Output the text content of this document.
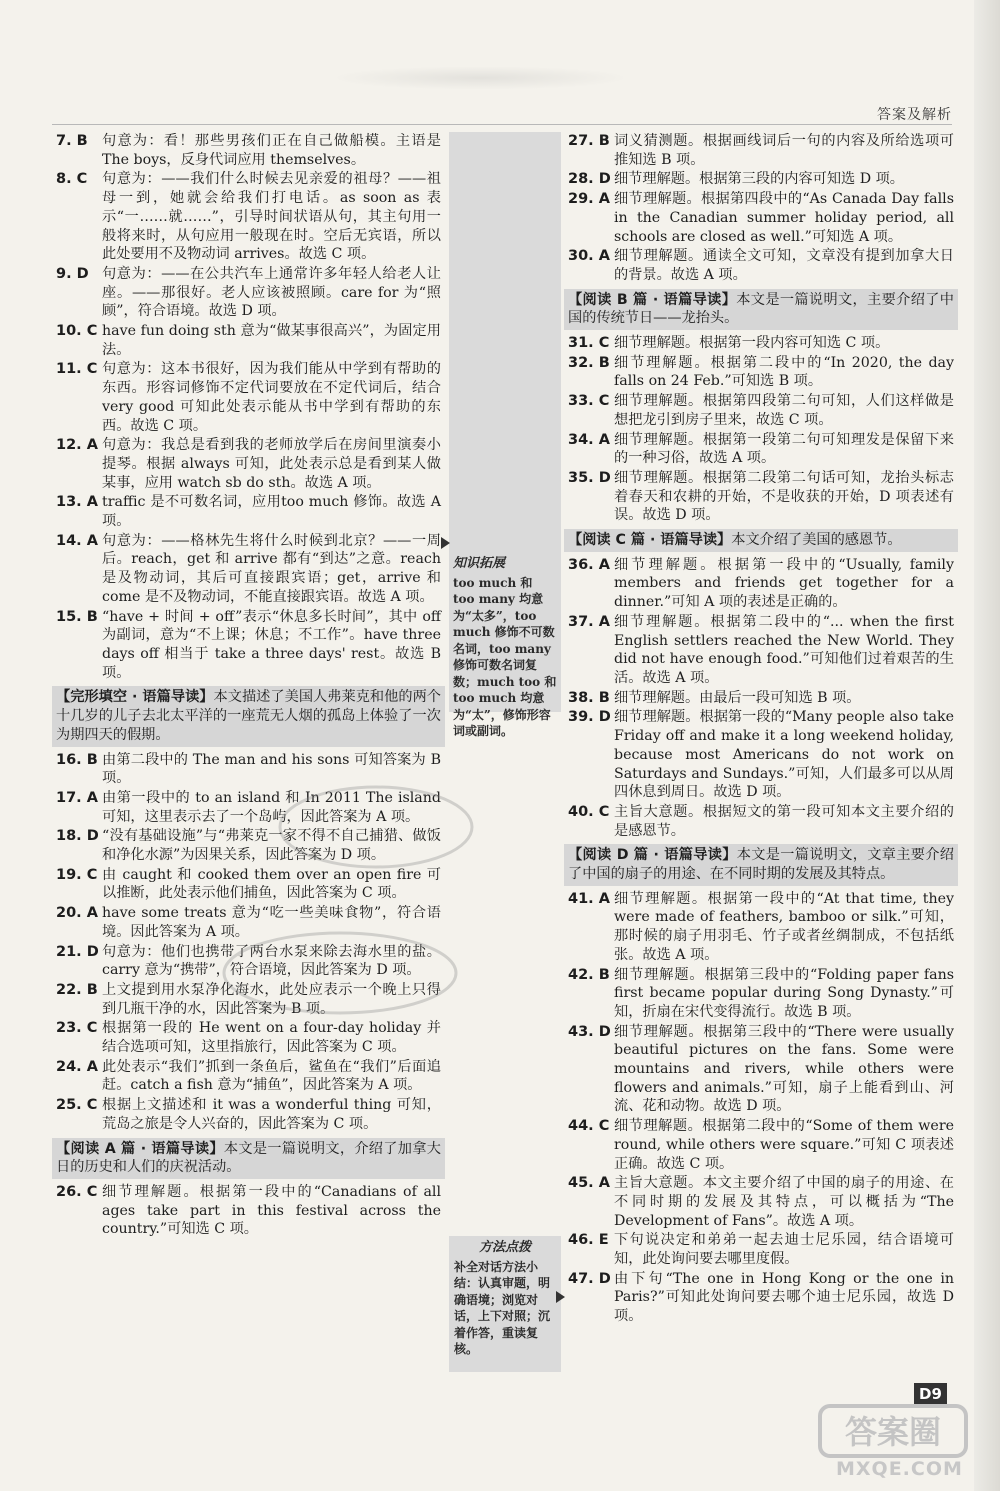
答案及解析
7. B	句意为：看！那些男孩们正在自己做船模。主语是 The boys，反身代词应用 themselves。
8. C	句意为：——我们什么时候去见亲爱的祖母？——祖母一到，她就会给我们打电话。as soon as 表示“一……就……”，引导时间状语从句，其主句用一般将来时，从句应用一般现在时。空后无宾语，所以此处要用不及物动词 arrives。故选 C 项。
9. D 句意为：——在公共汽车上通常许多年轻人给老人让座。——那很好。老人应该被照顾。care for 为“照顾”，符合语境。故选 D 项。
10. C have fun doing sth 意为“做某事很高兴”，为固定用法。
11. C 句意为：这本书很好，因为我们能从中学到有帮助的东西。形容词修饰不定代词要放在不定代词后，结合 very good 可知此处表示能从书中学到有帮助的东西。故选 C 项。
12. A 句意为：我总是看到我的老师放学后在房间里演奏小提琴。根据 always 可知，此处表示总是看到某人做某事，应用 watch sb do sth。故选 A 项。
13. A traffic 是不可数名词，应用too much 修饰。故选 A 项。
14. A 句意为：——格林先生将什么时候到北京？——一周后。reach，get 和 arrive 都有“到达”之意。reach 是及物动词，其后可直接跟宾语；get，arrive 和 come 是不及物动词，不能直接跟宾语。故选 A 项。
15. B “have + 时间 + off”表示“休息多长时间”，其中 off 为副词，意为“不上课；休息；不工作”。have three days off 相当于 take a three days' rest。故选 B 项。
【完形填空 · 语篇导读】本文描述了美国人弗莱克和他的两个十几岁的儿子去北太平洋的一座荒无人烟的孤岛上体验了一次为期四天的假期。
16. B 由第二段中的 The man and his sons 可知答案为 B 项。
17. A 由第一段中的 to an island 和 In 2011 The island 可知，这里表示去了一个岛屿，因此答案为 A 项。
18. D “没有基础设施”与“弗莱克一家不得不自己捕猎、做饭和净化水源”为因果关系，因此答案为 D 项。
19. C 由 caught 和 cooked them over an open fire 可以推断，此处表示他们捕鱼，因此答案为 C 项。
20. A have some treats 意为“吃一些美味食物”，符合语境。因此答案为 A 项。
21. D 句意为：他们也携带了两台水泵来除去海水里的盐。carry 意为“携带”，符合语境，因此答案为 D 项。
22. B 上文提到用水泵净化海水，此处应表示一个晚上只得到几瓶干净的水，因此答案为 B 项。
23. C 根据第一段的 He went on a four-day holiday 并结合选项可知，这里指旅行，因此答案为 C 项。
24. A 此处表示“我们”抓到一条鱼后，鲨鱼在“我们”后面追赶。catch a fish 意为“捕鱼”，因此答案为 A 项。
25. C 根据上文描述和 it was a wonderful thing 可知，荒岛之旅是令人兴奋的，因此答案为 C 项。
【阅读 A 篇 · 语篇导读】本文是一篇说明文，介绍了加拿大日的历史和人们的庆祝活动。
26. C 细节理解题。根据第一段中的“Canadians of all ages take part in this festival across the country.”可知选 C 项。
知识拓展
too much 和 too many 均意为“太多”，too much 修饰不可数名词，too many 修饰可数名词复数；much too 和 too much 均意为“太”，修饰形容词或副词。
方法点拨
补全对话方法小结：认真审题，明确语境；浏览对话，上下对照；沉着作答，重读复核。
27. B 词义猜测题。根据画线词后一句的内容及所给选项可推知选 B 项。
28. D 细节理解题。根据第三段的内容可知选 D 项。
29. A 细节理解题。根据第四段中的“As Canada Day falls in the Canadian summer holiday period, all schools are closed as well.”可知选 A 项。
30. A 细节理解题。通读全文可知，文章没有提到加拿大日的背景。故选 A 项。
【阅读 B 篇 · 语篇导读】本文是一篇说明文，主要介绍了中国的传统节日——龙抬头。
31. C 细节理解题。根据第一段内容可知选 C 项。
32. B 细节理解题。根据第二段中的“In 2020, the day falls on 24 Feb.”可知选 B 项。
33. C 细节理解题。根据第四段第二句可知，人们这样做是想把龙引到房子里来，故选 C 项。
34. A 细节理解题。根据第一段第二句可知理发是保留下来的一种习俗，故选 A 项。
35. D 细节理解题。根据第二段第二句话可知，龙抬头标志着春天和农耕的开始，不是收获的开始，D 项表述有误。故选 D 项。
【阅读 C 篇 · 语篇导读】本文介绍了美国的感恩节。
36. A 细节理解题。根据第一段中的“Usually, family members and friends get together for a dinner.”可知 A 项的表述是正确的。
37. A 细节理解题。根据第二段中的“... when the first English settlers reached the New World. They did not have enough food.”可知他们过着艰苦的生活。故选 A 项。
38. B 细节理解题。由最后一段可知选 B 项。
39. D 细节理解题。根据第一段的“Many people also take Friday off and make it a long weekend holiday, because most Americans do not work on Saturdays and Sundays.”可知，人们最多可以从周四休息到周日。故选 D 项。
40. C 主旨大意题。根据短文的第一段可知本文主要介绍的是感恩节。
【阅读 D 篇 · 语篇导读】本文是一篇说明文，文章主要介绍了中国的扇子的用途、在不同时期的发展及其特点。
41. A 细节理解题。根据第一段中的“At that time, they were made of feathers, bamboo or silk.”可知，那时候的扇子用羽毛、竹子或者丝绸制成，不包括纸张。故选 A 项。
42. B 细节理解题。根据第三段中的“Folding paper fans first became popular during Song Dynasty.”可知，折扇在宋代变得流行。故选 B 项。
43. D 细节理解题。根据第三段中的“There were usually beautiful pictures on the fans. Some were mountains and rivers, while others were flowers and animals.”可知，扇子上能看到山、河流、花和动物。故选 D 项。
44. C 细节理解题。根据第二段中的“Some of them were round, while others were square.”可知 C 项表述正确。故选 C 项。
45. A 主旨大意题。本文主要介绍了中国的扇子的用途、在不同时期的发展及其特点，可以概括为“The Development of Fans”。故选 A 项。
46. E 下句说决定和弟弟一起去迪士尼乐园，结合语境可知，此处询问要去哪里度假。
47. D 由下句“The one in Hong Kong or the one in Paris?”可知此处询问要去哪个迪士尼乐园，故选 D 项。
D9
答案圈
MXQE.COM
